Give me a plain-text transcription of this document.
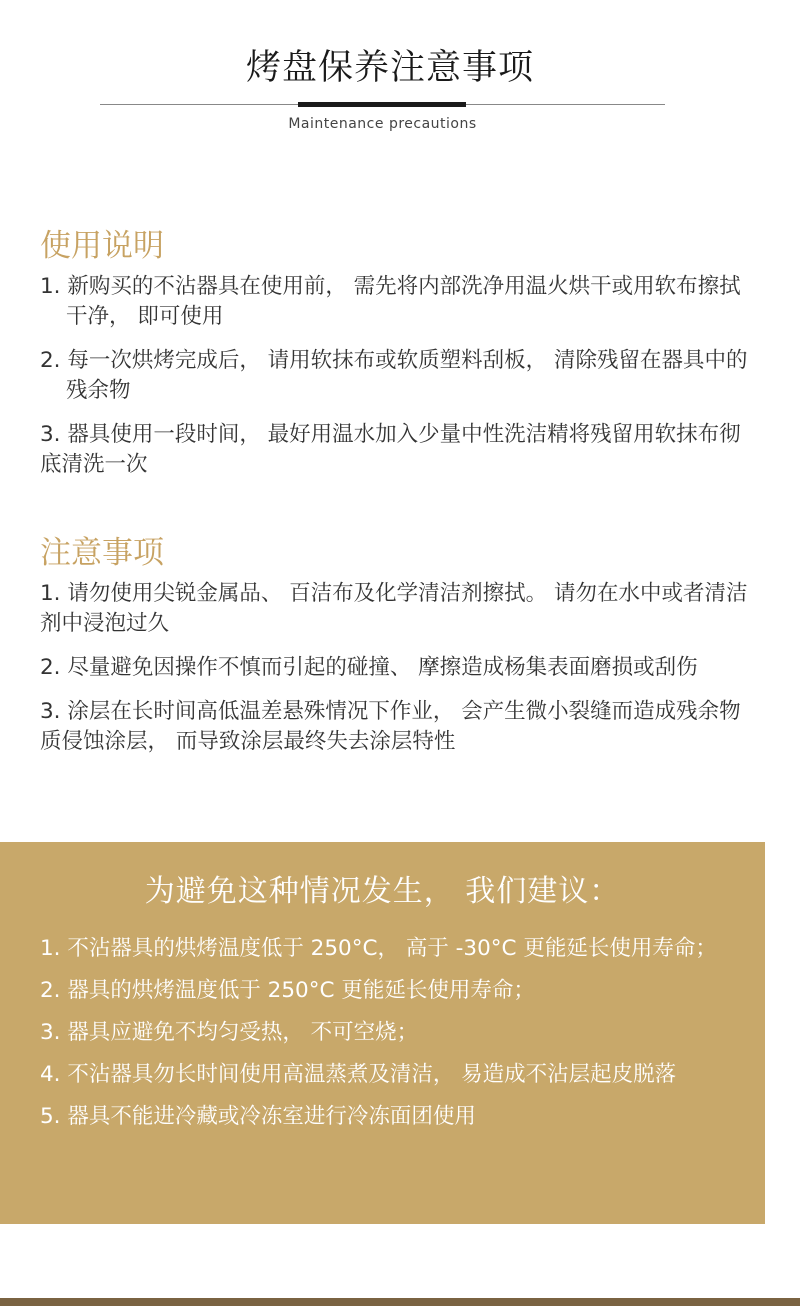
烤盘保养注意事项
Maintenance precautions
使用说明
1. 新购买的不沾器具在使用前， 需先将内部洗净用温火烘干或用软布擦拭干净， 即可使用
2. 每一次烘烤完成后， 请用软抹布或软质塑料刮板， 清除残留在器具中的残余物
3. 器具使用一段时间， 最好用温水加入少量中性洗洁精将残留用软抹布彻底清洗一次
注意事项
1. 请勿使用尖锐金属品、 百洁布及化学清洁剂擦拭。 请勿在水中或者清洁剂中浸泡过久
2. 尽量避免因操作不慎而引起的碰撞、 摩擦造成杨集表面磨损或刮伤
3. 涂层在长时间高低温差悬殊情况下作业， 会产生微小裂缝而造成残余物质侵蚀涂层， 而导致涂层最终失去涂层特性
为避免这种情况发生， 我们建议：
1. 不沾器具的烘烤温度低于 250°C， 高于 -30°C 更能延长使用寿命；
2. 器具的烘烤温度低于 250°C 更能延长使用寿命；
3. 器具应避免不均匀受热， 不可空烧；
4. 不沾器具勿长时间使用高温蒸煮及清洁， 易造成不沾层起皮脱落
5. 器具不能进冷藏或冷冻室进行冷冻面团使用
